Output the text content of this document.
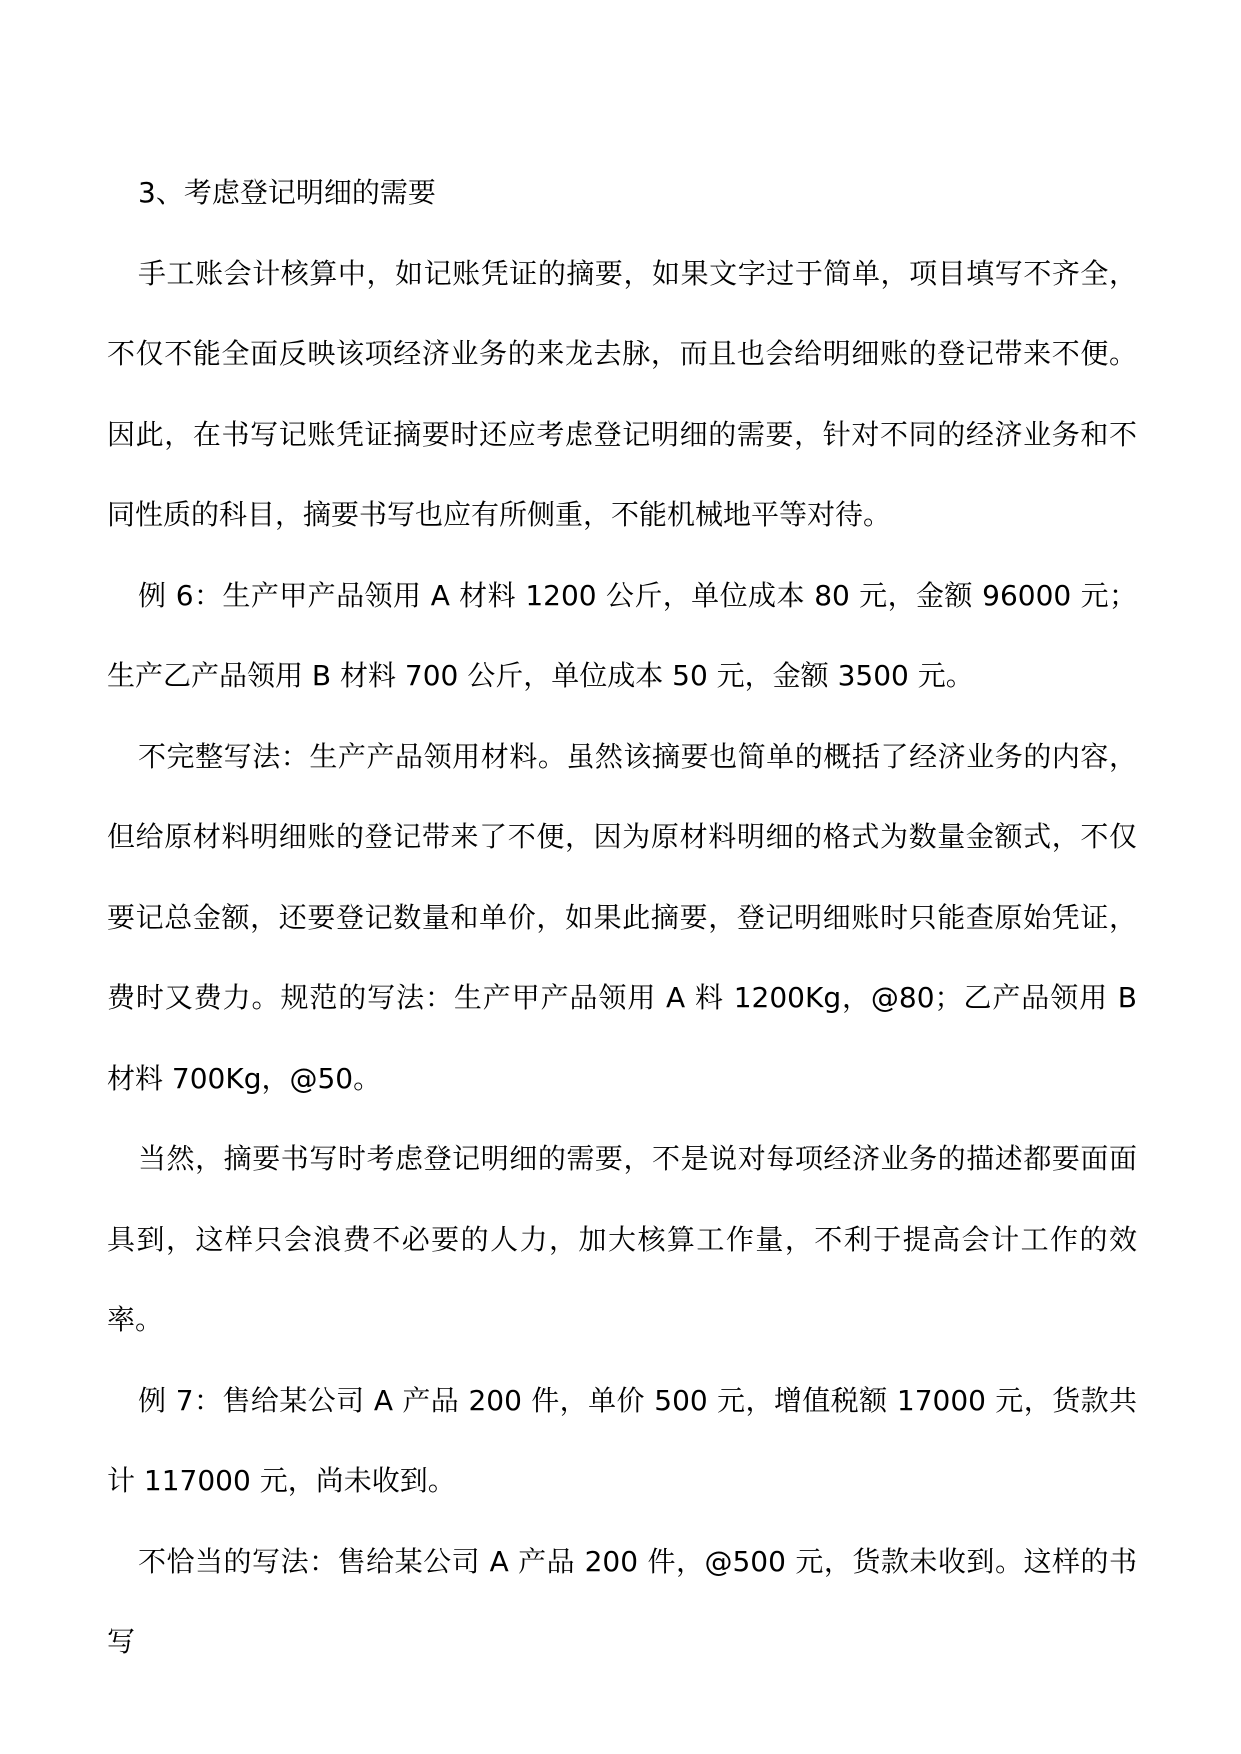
3、考虑登记明细的需要

手工账会计核算中，如记账凭证的摘要，如果文字过于简单，项目填写不齐全，不仅不能全面反映该项经济业务的来龙去脉，而且也会给明细账的登记带来不便。因此，在书写记账凭证摘要时还应考虑登记明细的需要，针对不同的经济业务和不同性质的科目，摘要书写也应有所侧重，不能机械地平等对待。

例 6：生产甲产品领用 A 材料 1200 公斤，单位成本 80 元，金额 96000 元；生产乙产品领用 B 材料 700 公斤，单位成本 50 元，金额 3500 元。

不完整写法：生产产品领用材料。虽然该摘要也简单的概括了经济业务的内容，但给原材料明细账的登记带来了不便，因为原材料明细的格式为数量金额式，不仅要记总金额，还要登记数量和单价，如果此摘要，登记明细账时只能查原始凭证，费时又费力。规范的写法：生产甲产品领用 A 料 1200Kg，@80；乙产品领用 B 材料 700Kg，@50。

当然，摘要书写时考虑登记明细的需要，不是说对每项经济业务的描述都要面面具到，这样只会浪费不必要的人力，加大核算工作量，不利于提高会计工作的效率。

例 7：售给某公司 A 产品 200 件，单价 500 元，增值税额 17000 元，货款共计 117000 元，尚未收到。

不恰当的写法：售给某公司 A 产品 200 件，@500 元，货款未收到。这样的书写
